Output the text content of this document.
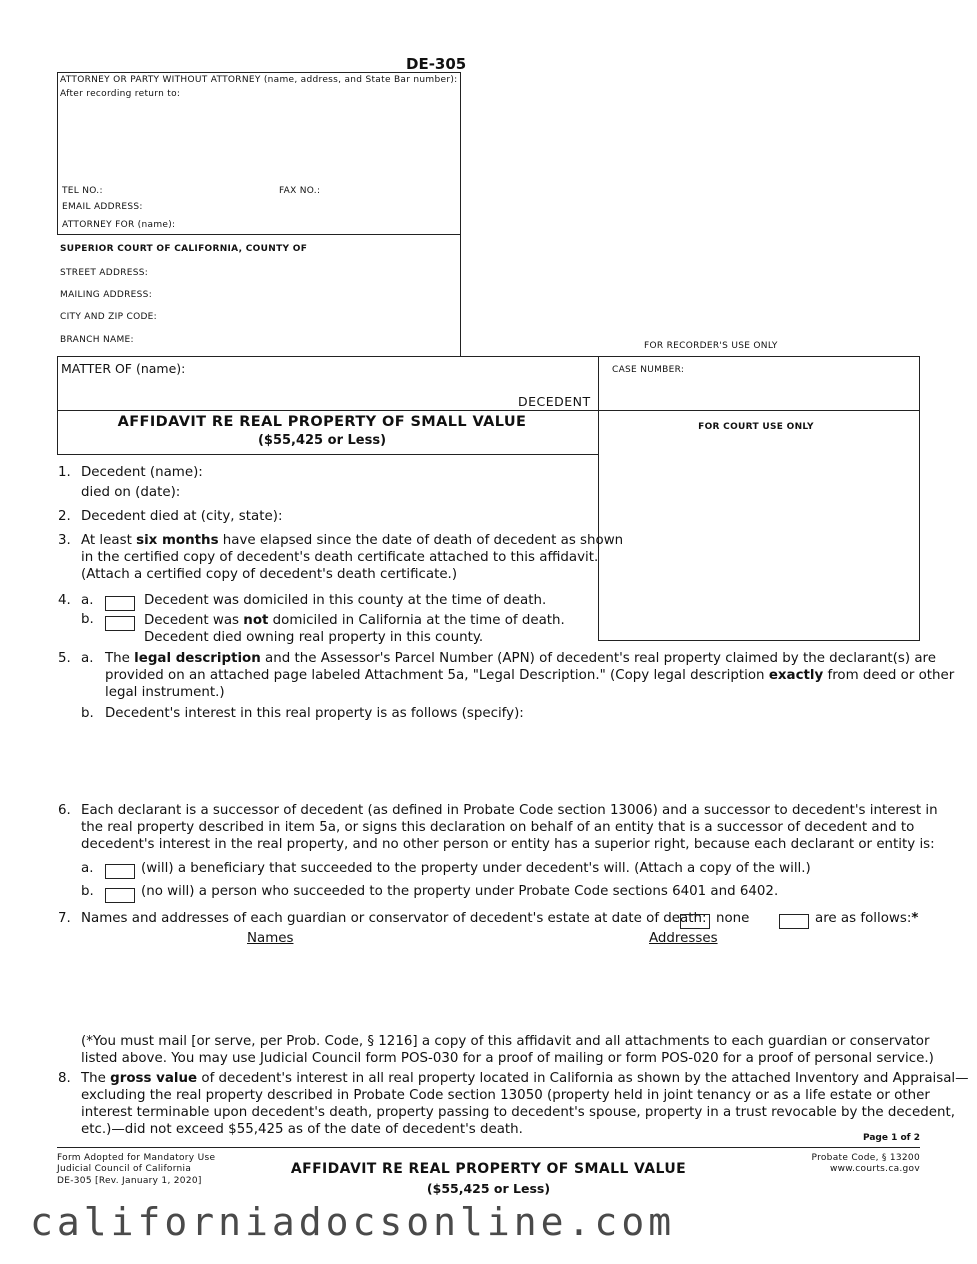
DE-305
ATTORNEY OR PARTY WITHOUT ATTORNEY (name, address, and State Bar number):
After recording return to:
TEL NO.:	FAX NO.:
EMAIL ADDRESS:
ATTORNEY FOR (name):
SUPERIOR COURT OF CALIFORNIA, COUNTY OF
STREET ADDRESS:
MAILING ADDRESS:
CITY AND ZIP CODE:
BRANCH NAME:
FOR RECORDER'S USE ONLY
MATTER OF (name):
DECEDENT
CASE NUMBER:
AFFIDAVIT RE REAL PROPERTY OF SMALL VALUE
($55,425 or Less)
FOR COURT USE ONLY
1. Decedent (name):
died on (date):
2. Decedent died at (city, state):
3. At least six months have elapsed since the date of death of decedent as shown
in the certified copy of decedent's death certificate attached to this affidavit.
(Attach a certified copy of decedent's death certificate.)
4. a.	Decedent was domiciled in this county at the time of death.
b.	Decedent was not domiciled in California at the time of death.
Decedent died owning real property in this county.
5. a. The legal description and the Assessor's Parcel Number (APN) of decedent's real property claimed by the declarant(s) are
provided on an attached page labeled Attachment 5a, "Legal Description." (Copy legal description exactly from deed or other
legal instrument.)
b. Decedent's interest in this real property is as follows (specify):
6. Each declarant is a successor of decedent (as defined in Probate Code section 13006) and a successor to decedent's interest in
the real property described in item 5a, or signs this declaration on behalf of an entity that is a successor of decedent and to
decedent's interest in the real property, and no other person or entity has a superior right, because each declarant or entity is:
a.	(will) a beneficiary that succeeded to the property under decedent's will. (Attach a copy of the will.)
b.	(no will) a person who succeeded to the property under Probate Code sections 6401 and 6402.
7. Names and addresses of each guardian or conservator of decedent's estate at date of death: none	are as follows:*
Names	Addresses
(*You must mail [or serve, per Prob. Code, § 1216] a copy of this affidavit and all attachments to each guardian or conservator
listed above. You may use Judicial Council form POS-030 for a proof of mailing or form POS-020 for a proof of personal service.)
8. The gross value of decedent's interest in all real property located in California as shown by the attached Inventory and Appraisal—
excluding the real property described in Probate Code section 13050 (property held in joint tenancy or as a life estate or other
interest terminable upon decedent's death, property passing to decedent's spouse, property in a trust revocable by the decedent,
etc.)—did not exceed $55,425 as of the date of decedent's death.
Page 1 of 2
Form Adopted for Mandatory Use
Judicial Council of California
DE-305 [Rev. January 1, 2020]
AFFIDAVIT RE REAL PROPERTY OF SMALL VALUE
($55,425 or Less)
Probate Code, § 13200
www.courts.ca.gov
californiadocsonline.com
